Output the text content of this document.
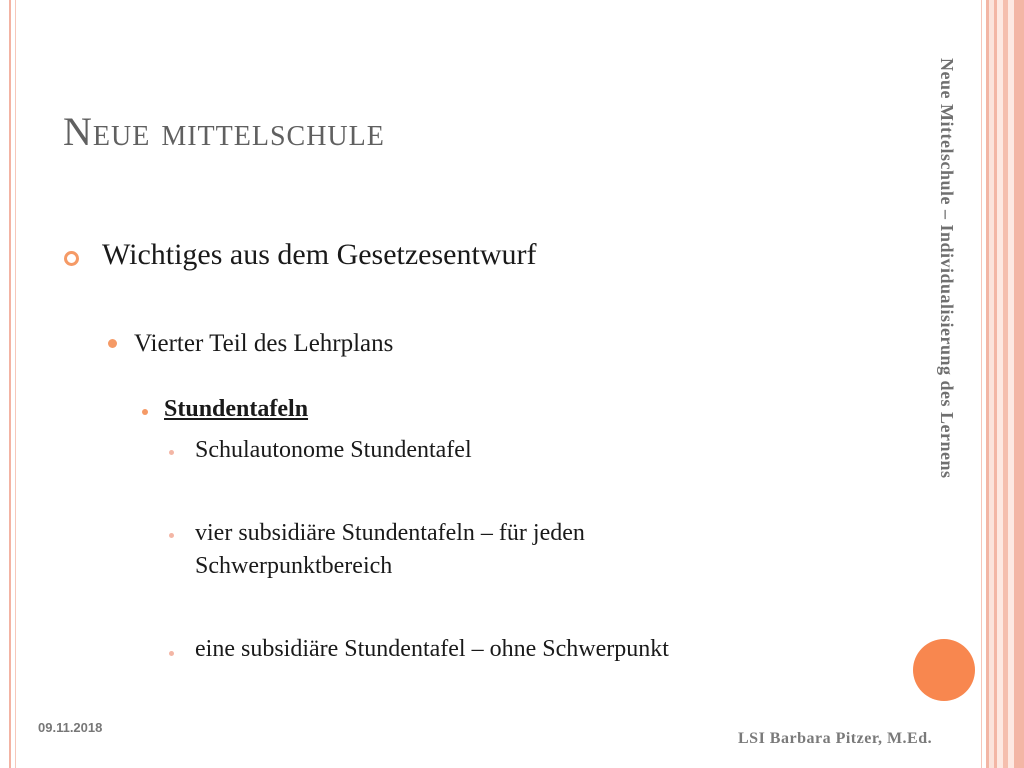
Neue mittelschule	Neue Mittelschule – Individualisierung des Lernens
Wichtiges aus dem Gesetzesentwurf
Vierter Teil des Lehrplans
Stundentafeln
Schulautonome Stundentafel
vier subsidiäre Stundentafeln – für jeden
Schwerpunktbereich
eine subsidiäre Stundentafel – ohne Schwerpunkt
09.11.2018
LSI Barbara Pitzer, M.Ed.
